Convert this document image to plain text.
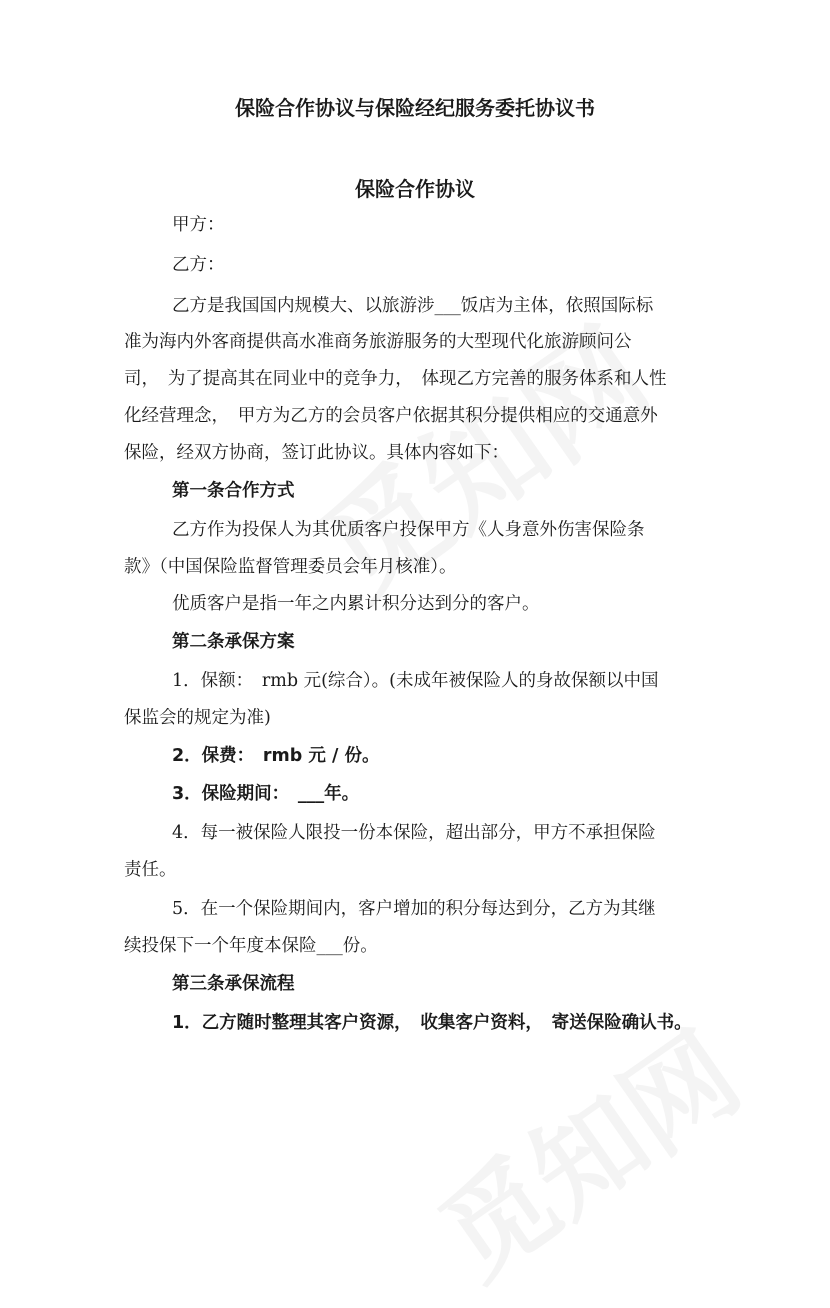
保险合作协议与保险经纪服务委托协议书
保险合作协议

甲方：

乙方：

乙方是我国国内规模大、以旅游涉___饭店为主体，依照国际标

准为海内外客商提供高水准商务旅游服务的大型现代化旅游顾问公

司，　为了提高其在同业中的竞争力，　体现乙方完善的服务体系和人性

化经营理念，　甲方为乙方的会员客户依据其积分提供相应的交通意外

保险，经双方协商，签订此协议。具体内容如下：

第一条合作方式

乙方作为投保人为其优质客户投保甲方《人身意外伤害保险条

款》（中国保险监督管理委员会年月核准）。

优质客户是指一年之内累计积分达到分的客户。

第二条承保方案

1．保额：　rmb 元(综合）。(未成年被保险人的身故保额以中国

保监会的规定为准)

2．保费：　rmb 元 / 份。

3．保险期间：　___年。

4．每一被保险人限投一份本保险，超出部分，甲方不承担保险

责任。

5．在一个保险期间内，客户增加的积分每达到分，乙方为其继

续投保下一个年度本保险___份。

第三条承保流程

1．乙方随时整理其客户资源，　收集客户资料，　寄送保险确认书。
